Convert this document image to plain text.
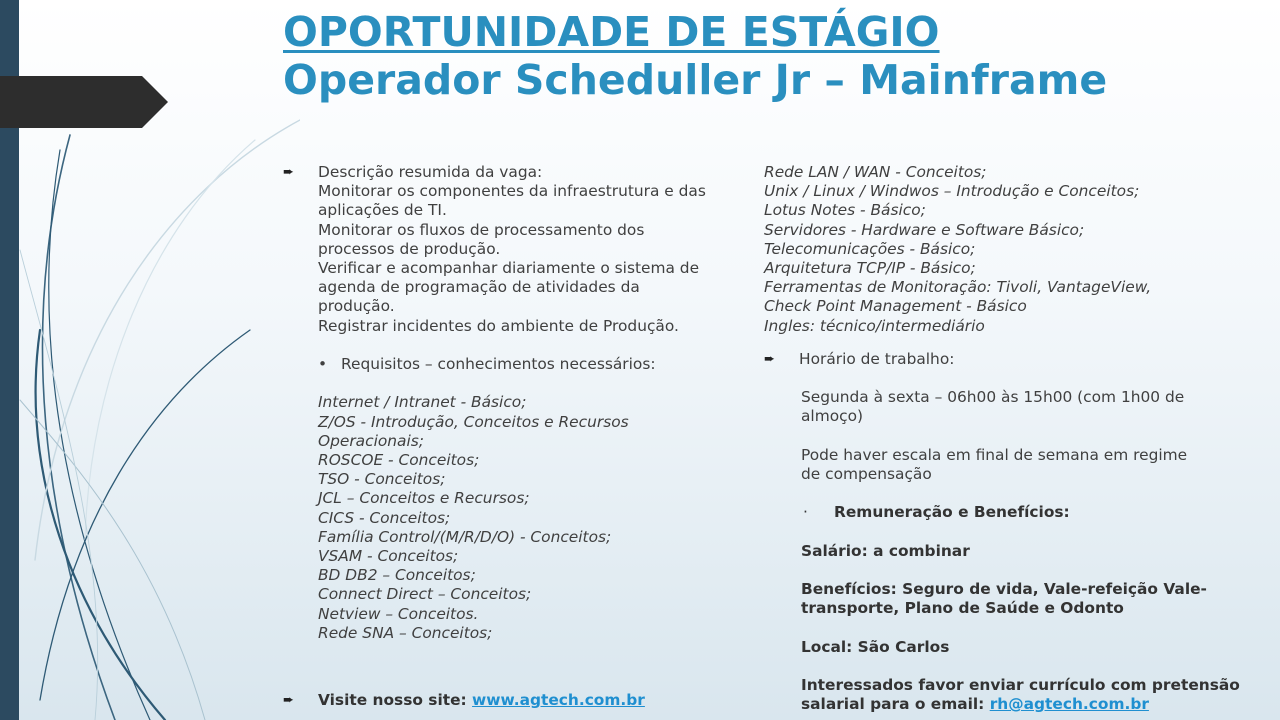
OPORTUNIDADE DE ESTÁGIO
Operador Scheduller Jr – Mainframe
➨ Descrição resumida da vaga:
Monitorar os componentes da infraestrutura e das
aplicações de TI.
Monitorar os fluxos de processamento dos
processos de produção.
Verificar e acompanhar diariamente o sistema de
agenda de programação de atividades da
produção.
Registrar incidentes do ambiente de Produção.
• Requisitos – conhecimentos necessários:
Internet / Intranet - Básico;
Z/OS - Introdução, Conceitos e Recursos
Operacionais;
ROSCOE - Conceitos;
TSO - Conceitos;
JCL – Conceitos e Recursos;
CICS - Conceitos;
Família Control/(M/R/D/O) - Conceitos;
VSAM - Conceitos;
BD DB2 – Conceitos;
Connect Direct – Conceitos;
Netview – Conceitos.
Rede SNA – Conceitos;
➨ Visite nosso site: www.agtech.com.br
Rede LAN / WAN - Conceitos;
Unix / Linux / Windwos – Introdução e Conceitos;
Lotus Notes - Básico;
Servidores - Hardware e Software Básico;
Telecomunicações - Básico;
Arquitetura TCP/IP - Básico;
Ferramentas de Monitoração: Tivoli, VantageView,
Check Point Management - Básico
Ingles: técnico/intermediário
➨ Horário de trabalho:
Segunda à sexta – 06h00 às 15h00 (com 1h00 de
almoço)
Pode haver escala em final de semana em regime
de compensação
· Remuneração e Benefícios:
Salário: a combinar
Benefícios: Seguro de vida, Vale-refeição Vale-
transporte, Plano de Saúde e Odonto
Local: São Carlos
Interessados favor enviar currículo com pretensão
salarial para o email: rh@agtech.com.br
